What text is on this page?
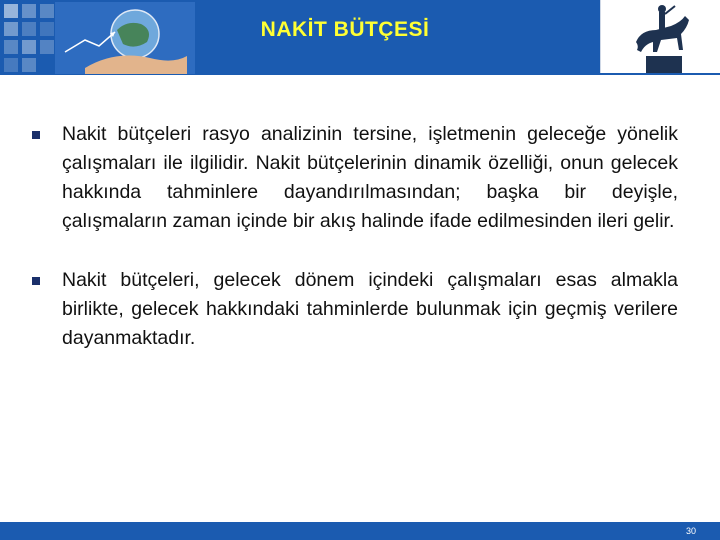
NAKİT BÜTÇESİ
Nakit bütçeleri rasyo analizinin tersine, işletmenin geleceğe yönelik çalışmaları ile ilgilidir. Nakit bütçelerinin dinamik özelliği, onun gelecek hakkında tahminlere dayandırılmasından; başka bir deyişle, çalışmaların zaman içinde bir akış halinde ifade edilmesinden ileri gelir.
Nakit bütçeleri, gelecek dönem içindeki çalışmaları esas almakla birlikte, gelecek hakkındaki tahminlerde bulunmak için geçmiş verilere dayanmaktadır.
30
